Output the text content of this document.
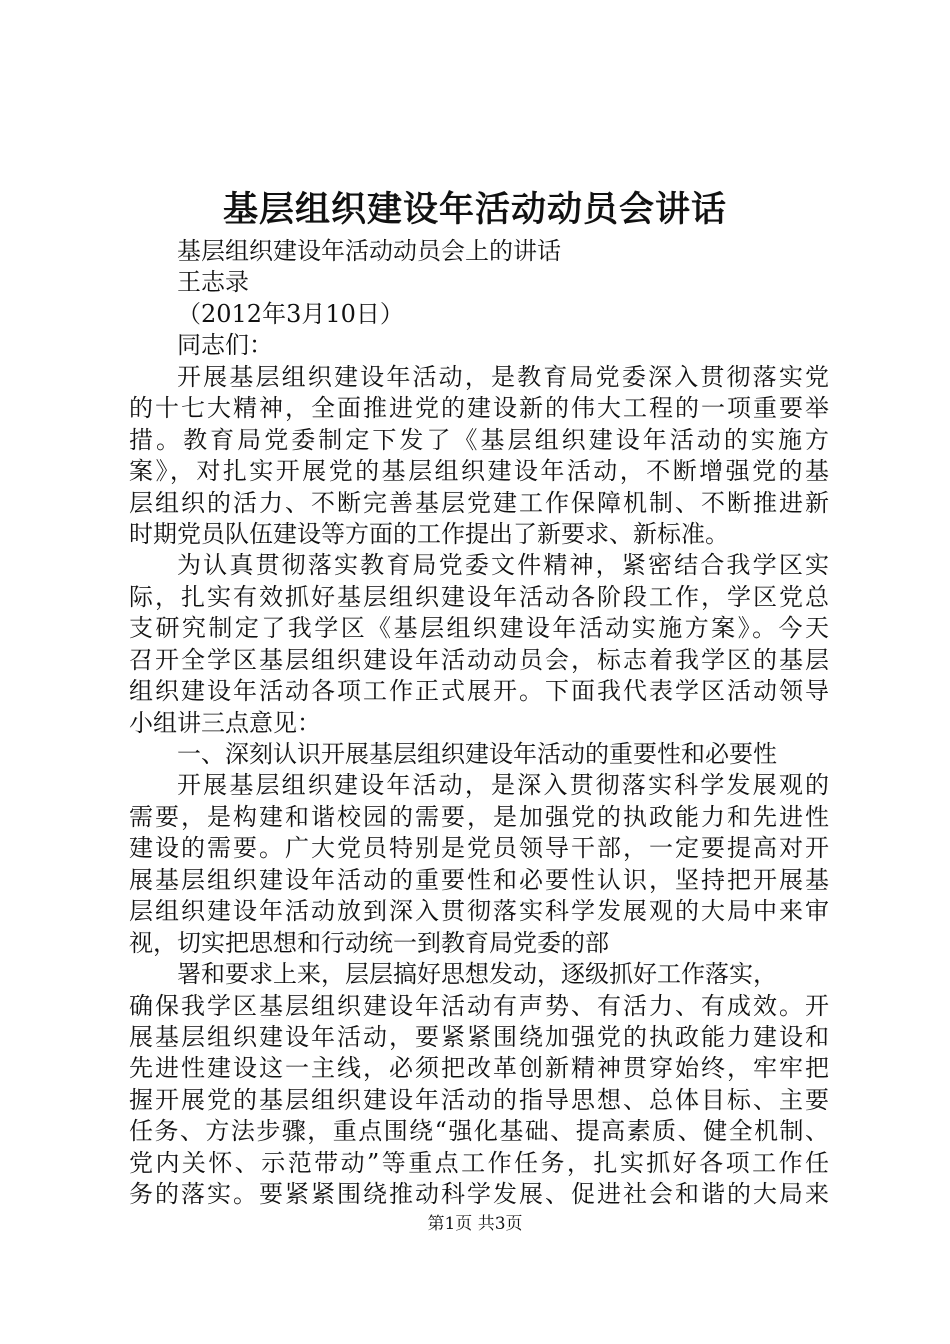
基层组织建设年活动动员会讲话
基层组织建设年活动动员会上的讲话
王志录
（2012年3月10日）
同志们：
开展基层组织建设年活动，是教育局党委深入贯彻落实党
的十七大精神，全面推进党的建设新的伟大工程的一项重要举
措。教育局党委制定下发了《基层组织建设年活动的实施方
案》，对扎实开展党的基层组织建设年活动，不断增强党的基
层组织的活力、不断完善基层党建工作保障机制、不断推进新
时期党员队伍建设等方面的工作提出了新要求、新标准。
为认真贯彻落实教育局党委文件精神，紧密结合我学区实
际，扎实有效抓好基层组织建设年活动各阶段工作，学区党总
支研究制定了我学区《基层组织建设年活动实施方案》。今天
召开全学区基层组织建设年活动动员会，标志着我学区的基层
组织建设年活动各项工作正式展开。下面我代表学区活动领导
小组讲三点意见：
一、深刻认识开展基层组织建设年活动的重要性和必要性
开展基层组织建设年活动，是深入贯彻落实科学发展观的
需要，是构建和谐校园的需要，是加强党的执政能力和先进性
建设的需要。广大党员特别是党员领导干部，一定要提高对开
展基层组织建设年活动的重要性和必要性认识，坚持把开展基
层组织建设年活动放到深入贯彻落实科学发展观的大局中来审
视，切实把思想和行动统一到教育局党委的部
署和要求上来，层层搞好思想发动，逐级抓好工作落实，
确保我学区基层组织建设年活动有声势、有活力、有成效。开
展基层组织建设年活动，要紧紧围绕加强党的执政能力建设和
先进性建设这一主线，必须把改革创新精神贯穿始终，牢牢把
握开展党的基层组织建设年活动的指导思想、总体目标、主要
任务、方法步骤，重点围绕“强化基础、提高素质、健全机制、
党内关怀、示范带动”等重点工作任务，扎实抓好各项工作任
务的落实。要紧紧围绕推动科学发展、促进社会和谐的大局来
第1页 共3页
